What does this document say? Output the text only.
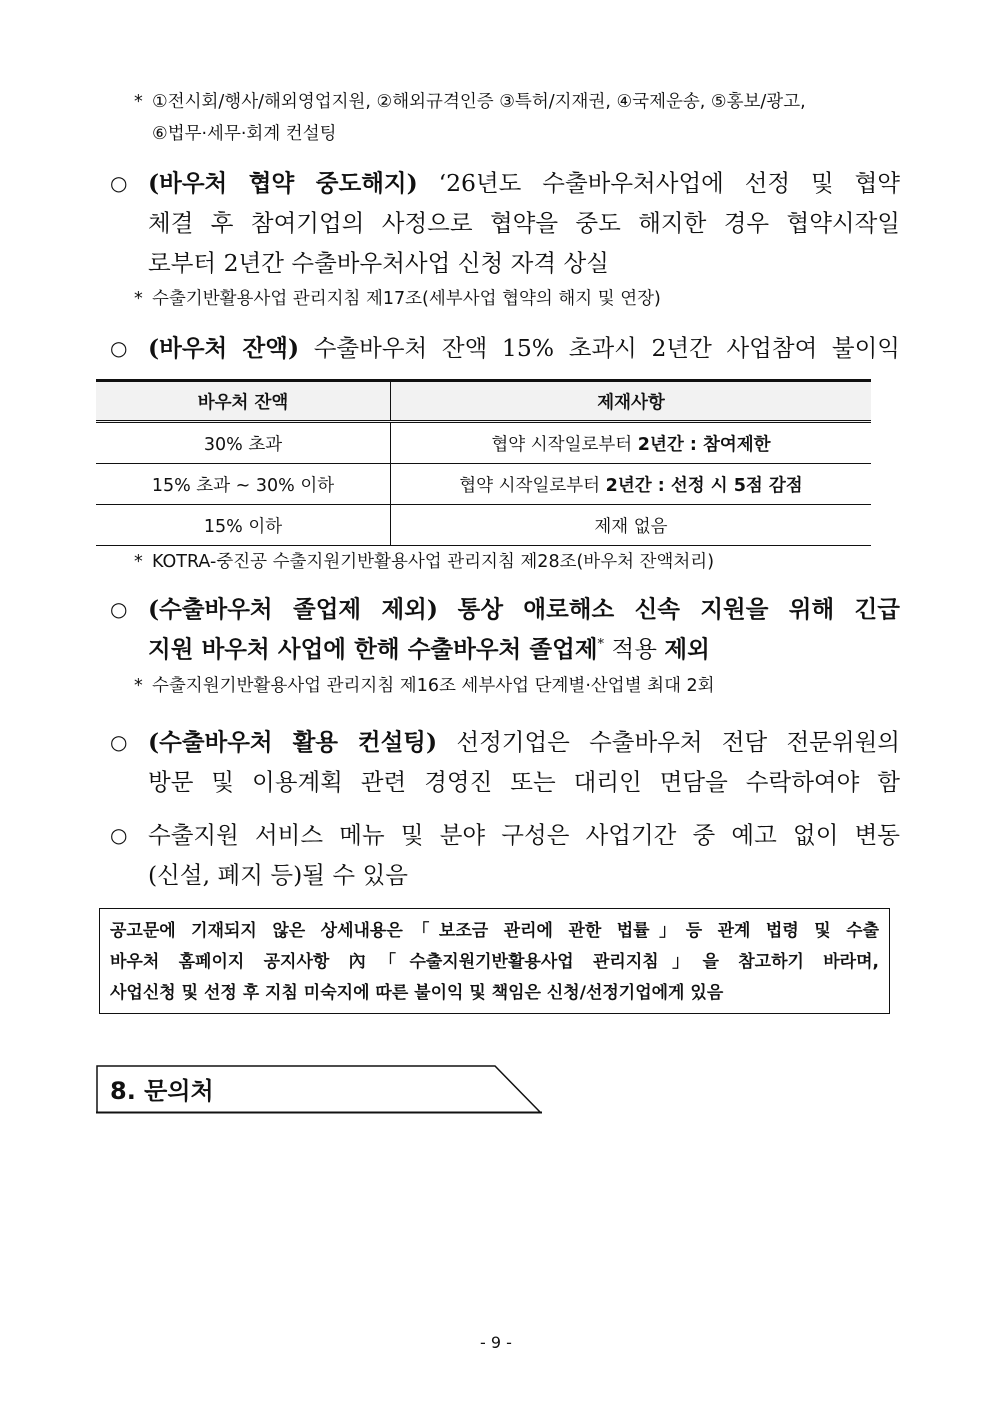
* ①전시회/행사/해외영업지원, ②해외규격인증 ③특허/지재권, ④국제운송, ⑤홍보/광고,
⑥법무·세무·회계 컨설팅
○ (바우처 협약 중도해지) ‘26년도 수출바우처사업에 선정 및 협약
체결 후 참여기업의 사정으로 협약을 중도 해지한 경우 협약시작일
로부터 2년간 수출바우처사업 신청 자격 상실
* 수출기반활용사업 관리지침 제17조(세부사업 협약의 해지 및 연장)
○ (바우처 잔액) 수출바우처 잔액 15% 초과시 2년간 사업참여 불이익
바우처 잔액	제재사항
30% 초과	협약 시작일로부터 2년간 : 참여제한
15% 초과 ~ 30% 이하	협약 시작일로부터 2년간 : 선정 시 5점 감점
15% 이하	제재 없음
* KOTRA-중진공 수출지원기반활용사업 관리지침 제28조(바우처 잔액처리)
○ (수출바우처 졸업제 제외) 통상 애로해소 신속 지원을 위해 긴급
지원 바우처 사업에 한해 수출바우처 졸업제* 적용 제외
* 수출지원기반활용사업 관리지침 제16조 세부사업 단계별·산업별 최대 2회
○ (수출바우처 활용 컨설팅) 선정기업은 수출바우처 전담 전문위원의
방문 및 이용계획 관련 경영진 또는 대리인 면담을 수락하여야 함
○ 수출지원 서비스 메뉴 및 분야 구성은 사업기간 중 예고 없이 변동
(신설, 폐지 등)될 수 있음
공고문에 기재되지 않은 상세내용은「보조금 관리에 관한 법률」등 관계 법령 및 수출
바우처 홈페이지 공지사항 內「수출지원기반활용사업 관리지침」을 참고하기 바라며,
사업신청 및 선정 후 지침 미숙지에 따른 불이익 및 책임은 신청/선정기업에게 있음
8. 문의처
- 9 -
